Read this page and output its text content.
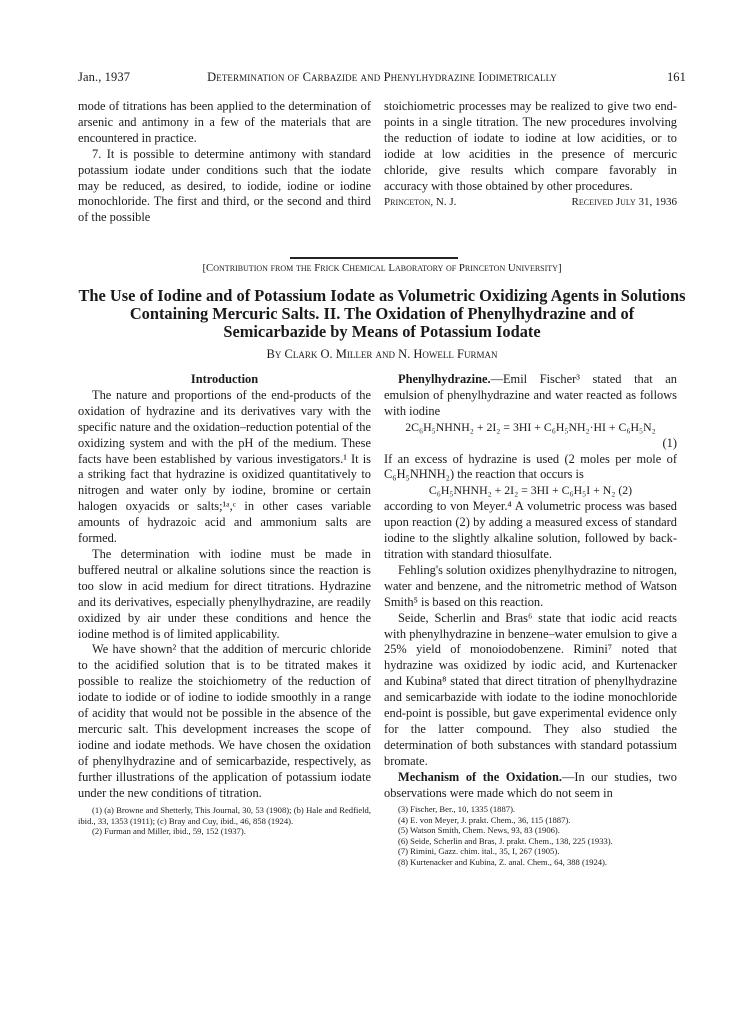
Jan., 1937	Determination of Carbazide and Phenylhydrazine Iodimetrically	161

mode of titrations has been applied to the determination of arsenic and antimony in a few of the materials that are encountered in practice.

7. It is possible to determine antimony with standard potassium iodate under conditions such that the iodate may be reduced, as desired, to iodide, iodine or iodine monochloride. The first and third, or the second and third of the possible

stoichiometric processes may be realized to give two end-points in a single titration. The new procedures involving the reduction of iodate to iodine at low acidities, or to iodide at low acidities in the presence of mercuric chloride, give results which compare favorably in accuracy with those obtained by other procedures.

Princeton, N. J.	Received July 31, 1936

[Contribution from the Frick Chemical Laboratory of Princeton University]
The Use of Iodine and of Potassium Iodate as Volumetric Oxidizing Agents in Solutions Containing Mercuric Salts. II. The Oxidation of Phenylhydrazine and of Semicarbazide by Means of Potassium Iodate
By Clark O. Miller and N. Howell Furman

Introduction

The nature and proportions of the end-products of the oxidation of hydrazine and its derivatives vary with the specific nature and the oxidation–reduction potential of the oxidizing system and with the pH of the medium. These facts have been established by various investigators.¹ It is a striking fact that hydrazine is oxidized quantitatively to nitrogen and water only by iodine, bromine or certain halogen oxyacids or salts;¹ᵃ,ᶜ in other cases variable amounts of hydrazoic acid and ammonium salts are formed.

The determination with iodine must be made in buffered neutral or alkaline solutions since the reaction is too slow in acid medium for direct titrations. Hydrazine and its derivatives, especially phenylhydrazine, are readily oxidized by air under these conditions and hence the iodine method is of limited applicability.

We have shown² that the addition of mercuric chloride to the acidified solution that is to be titrated makes it possible to realize the stoichiometry of the reduction of iodate to iodide or of iodine to iodide smoothly in a range of acidity that would not be possible in the absence of the mercuric salt. This development increases the scope of iodine and iodate methods. We have chosen the oxidation of phenylhydrazine and of semicarbazide, respectively, as further illustrations of the application of potassium iodate under the new conditions of titration.

(1) (a) Browne and Shetterly, This Journal, 30, 53 (1908); (b) Hale and Redfield, ibid., 33, 1353 (1911); (c) Bray and Cuy, ibid., 46, 858 (1924).

(2) Furman and Miller, ibid., 59, 152 (1937).

Phenylhydrazine.—Emil Fischer³ stated that an emulsion of phenylhydrazine and water reacted as follows with iodine

2C₆H₅NHNH₂ + 2I₂ = 3HI + C₆H₅NH₂·HI + C₆H₅N₂

(1)

If an excess of hydrazine is used (2 moles per mole of C₆H₅NHNH₂) the reaction that occurs is

C₆H₅NHNH₂ + 2I₂ = 3HI + C₆H₅I + N₂ (2)

according to von Meyer.⁴ A volumetric process was based upon reaction (2) by adding a measured excess of standard iodine to the slightly alkaline solution, followed by back-titration with standard thiosulfate.

Fehling's solution oxidizes phenylhydrazine to nitrogen, water and benzene, and the nitrometric method of Watson Smith⁵ is based on this reaction.

Seide, Scherlin and Bras⁶ state that iodic acid reacts with phenylhydrazine in benzene–water emulsion to give a 25% yield of monoiodobenzene. Rimini⁷ noted that hydrazine was oxidized by iodic acid, and Kurtenacker and Kubina⁸ stated that direct titration of phenylhydrazine and semicarbazide with iodate to the iodine monochloride end-point is possible, but gave experimental evidence only for the latter compound. They also studied the determination of both substances with standard potassium bromate.

Mechanism of the Oxidation.—In our studies, two observations were made which do not seem in

(3) Fischer, Ber., 10, 1335 (1887).

(4) E. von Meyer, J. prakt. Chem., 36, 115 (1887).

(5) Watson Smith, Chem. News, 93, 83 (1906).

(6) Seide, Scherlin and Bras, J. prakt. Chem., 138, 225 (1933).

(7) Rimini, Gazz. chim. ital., 35, I, 267 (1905).

(8) Kurtenacker and Kubina, Z. anal. Chem., 64, 388 (1924).
